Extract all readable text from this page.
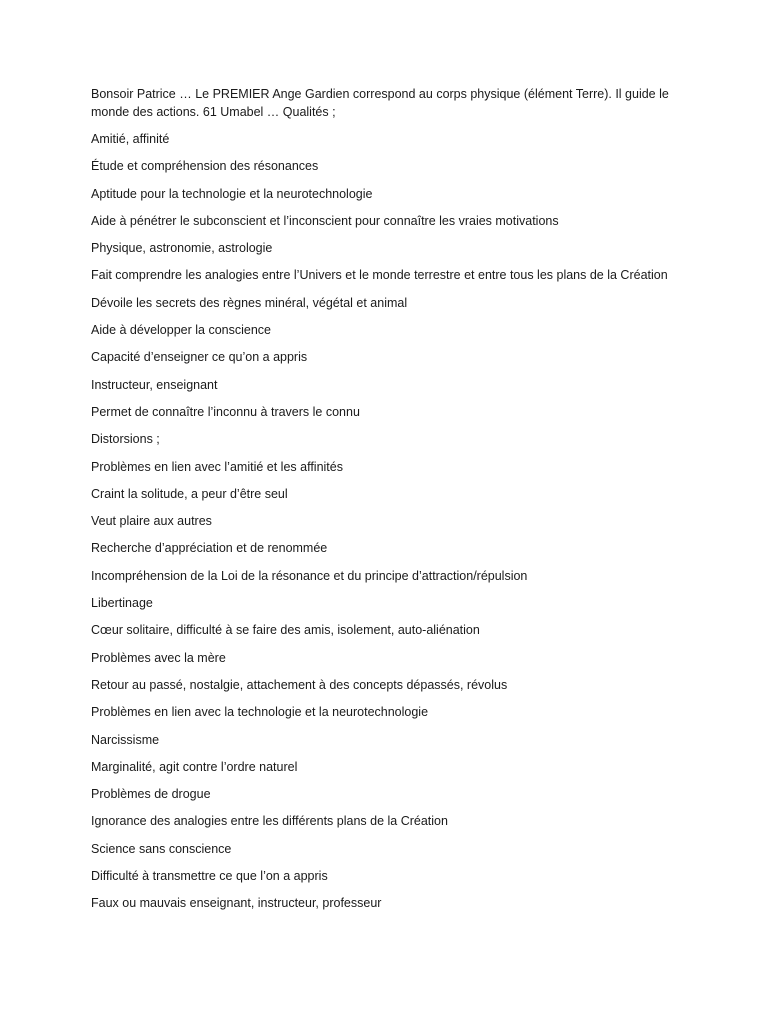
Bonsoir Patrice … Le PREMIER Ange Gardien correspond au corps physique (élément Terre). Il guide le monde des actions. 61 Umabel … Qualités ;

Amitié, affinité

Étude et compréhension des résonances

Aptitude pour la technologie et la neurotechnologie

Aide à pénétrer le subconscient et l’inconscient pour connaître les vraies motivations

Physique, astronomie, astrologie

Fait comprendre les analogies entre l’Univers et le monde terrestre et entre tous les plans de la Création

Dévoile les secrets des règnes minéral, végétal et animal

Aide à développer la conscience

Capacité d’enseigner ce qu’on a appris

Instructeur, enseignant

Permet de connaître l’inconnu à travers le connu

Distorsions ;

Problèmes en lien avec l’amitié et les affinités

Craint la solitude, a peur d’être seul

Veut plaire aux autres

Recherche d’appréciation et de renommée

Incompréhension de la Loi de la résonance et du principe d’attraction/répulsion

Libertinage

Cœur solitaire, difficulté à se faire des amis, isolement, auto-aliénation

Problèmes avec la mère

Retour au passé, nostalgie, attachement à des concepts dépassés, révolus

Problèmes en lien avec la technologie et la neurotechnologie

Narcissisme

Marginalité, agit contre l’ordre naturel

Problèmes de drogue

Ignorance des analogies entre les différents plans de la Création

Science sans conscience

Difficulté à transmettre ce que l’on a appris

Faux ou mauvais enseignant, instructeur, professeur
